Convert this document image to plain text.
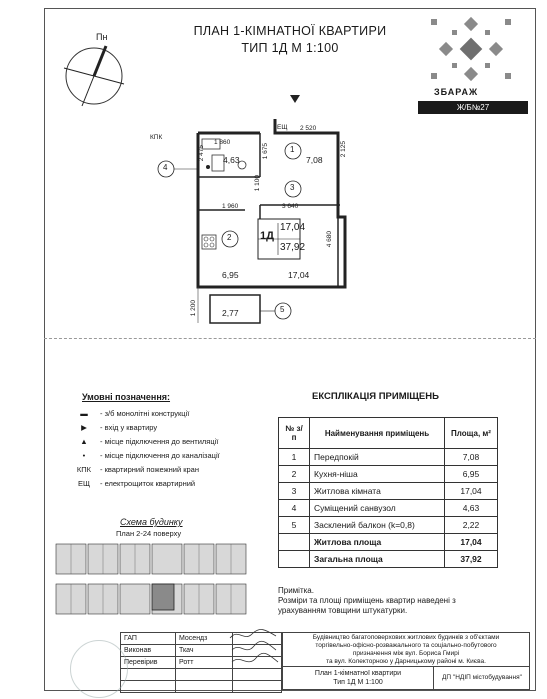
ПЛАН 1-КІМНАТНОЇ КВАРТИРИ
ТИП 1Д М 1:100
Пн
ЗБАРАЖ
Ж/Б№27
КПК
ЕЩ 2 520
1 860
2 475	1 675	2 125
1 100
1 960	3 640
4 680
1 200
1
7,08
2
6,95
3
17,04
4
4,63
5
2,77
1Д
17,04
37,92
Умовні позначення:
▬	- з/б монолітні конструкції
▶	- вхід у квартиру
▲	- місце підключення до вентиляції
•	- місце підключення до каналізації
КПК	- квартирний пожежний кран
ЕЩ	- електрощиток квартирний
ЕКСПЛІКАЦІЯ ПРИМІЩЕНЬ
№ з/п	Найменування приміщень	Площа, м²
1	Передпокій	7,08
2	Кухня-ніша	6,95
3	Житлова кімната	17,04
4	Суміщений санвузол	4,63
5	Засклений балкон (k=0,8)	2,22
	Житлова площа	17,04
	Загальна площа	37,92
Схема будинку
План 2-24 поверху
Примітка.
Розміри та площі приміщень квартир наведені з
урахуванням товщини штукатурки.
ГАП	Мосендз	
Виконав	Ткач	
Перевірив	Ротт	

Будівництво багатоповерхових житлових будинків з об'єктами
торгівельно-офісно-розважального та соціально-побутового
призначення між вул. Бориса Гмирі
та вул. Колекторною у Дарницькому районі м. Києва.
План 1-кімнатної квартири
Тип 1Д М 1:100
ДП "НДІП містобудування"
